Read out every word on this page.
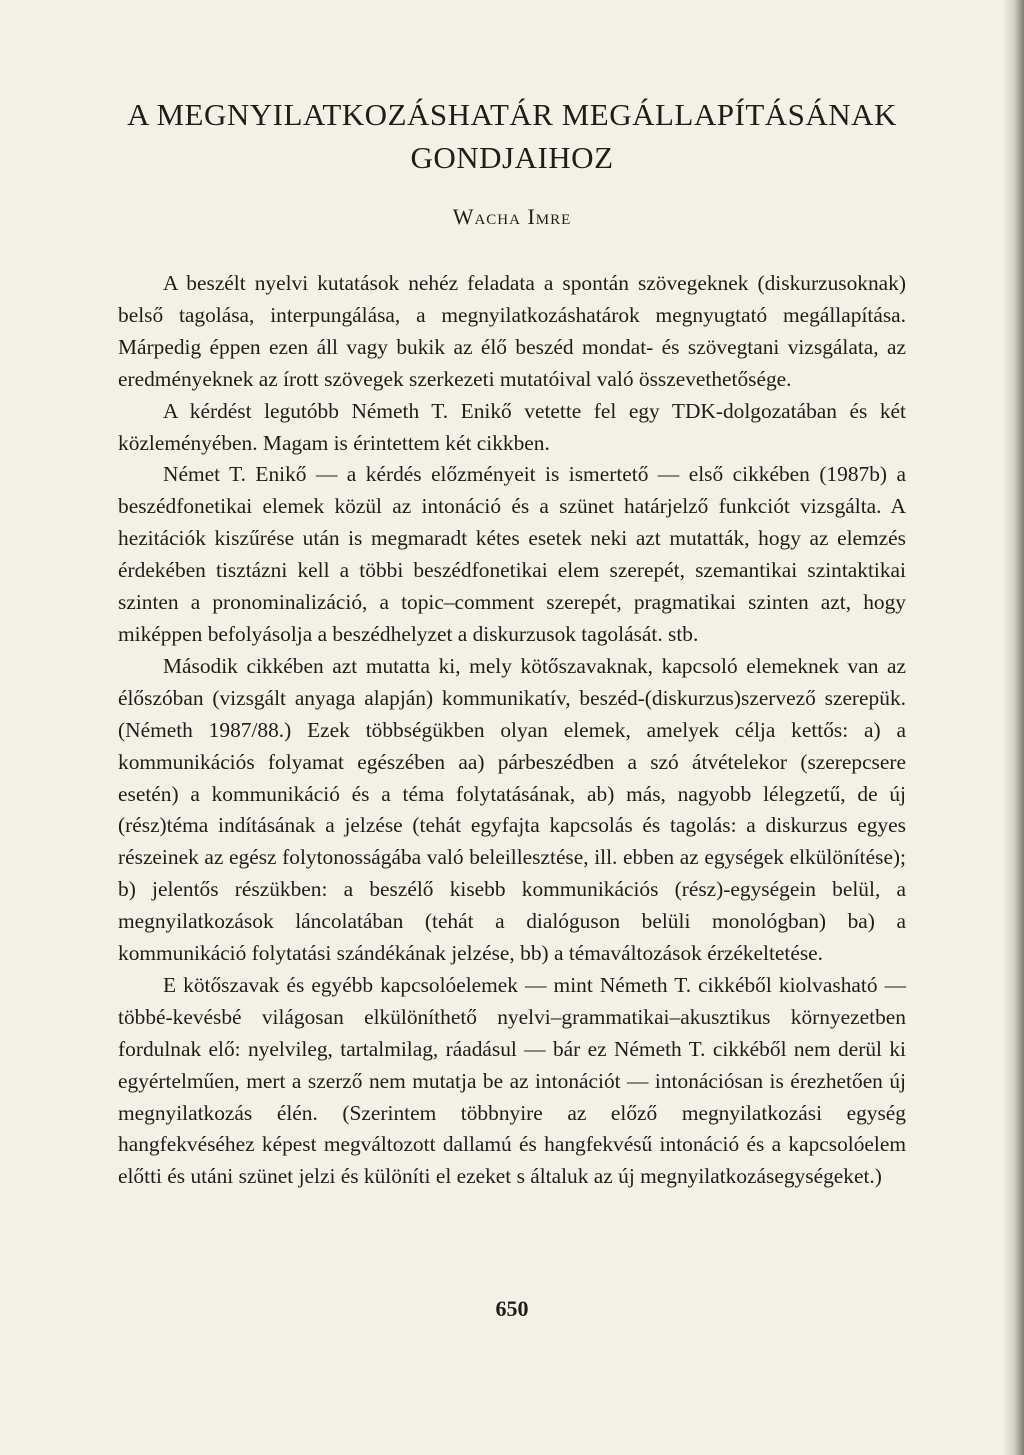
A MEGNYILATKOZÁSHATÁR MEGÁLLAPÍTÁSÁNAK GONDJAIHOZ

Wacha Imre

A beszélt nyelvi kutatások nehéz feladata a spontán szövegeknek (diskurzusoknak) belső tagolása, interpungálása, a megnyilatkozáshatárok megnyugtató megállapítása. Márpedig éppen ezen áll vagy bukik az élő beszéd mondat- és szövegtani vizsgálata, az eredményeknek az írott szövegek szerkezeti mutatóival való összevethetősége.

A kérdést legutóbb Németh T. Enikő vetette fel egy TDK-dolgozatában és két közleményében. Magam is érintettem két cikkben.

Német T. Enikő — a kérdés előzményeit is ismertető — első cikkében (1987b) a beszédfonetikai elemek közül az intonáció és a szünet határjelző funkciót vizsgálta. A hezitációk kiszűrése után is megmaradt kétes esetek neki azt mutatták, hogy az elemzés érdekében tisztázni kell a többi beszédfonetikai elem szerepét, szemantikai szintaktikai szinten a pronominalizáció, a topic–comment szerepét, pragmatikai szinten azt, hogy miképpen befolyásolja a beszédhelyzet a diskurzusok tagolását. stb.

Második cikkében azt mutatta ki, mely kötőszavaknak, kapcsoló elemeknek van az élőszóban (vizsgált anyaga alapján) kommunikatív, beszéd-(diskurzus)szervező szerepük. (Németh 1987/88.) Ezek többségükben olyan elemek, amelyek célja kettős: a) a kommunikációs folyamat egészében aa) párbeszédben a szó átvételekor (szerepcsere esetén) a kommunikáció és a téma folytatásának, ab) más, nagyobb lélegzetű, de új (rész)téma indításának a jelzése (tehát egyfajta kapcsolás és tagolás: a diskurzus egyes részeinek az egész folytonosságába való beleillesztése, ill. ebben az egységek elkülönítése); b) jelentős részükben: a beszélő kisebb kommunikációs (rész)-egységein belül, a megnyilatkozások láncolatában (tehát a dialóguson belüli monológban) ba) a kommunikáció folytatási szándékának jelzése, bb) a témaváltozások érzékeltetése.

E kötőszavak és egyébb kapcsolóelemek — mint Németh T. cikkéből kiolvasható — többé-kevésbé világosan elkülöníthető nyelvi–grammatikai–akusztikus környezetben fordulnak elő: nyelvileg, tartalmilag, ráadásul — bár ez Németh T. cikkéből nem derül ki egyértelműen, mert a szerző nem mutatja be az intonációt — intonációsan is érezhetően új megnyilatkozás élén. (Szerintem többnyire az előző megnyilatkozási egység hangfekvéséhez képest megváltozott dallamú és hangfekvésű intonáció és a kapcsolóelem előtti és utáni szünet jelzi és különíti el ezeket s általuk az új megnyilatkozásegységeket.)

650
